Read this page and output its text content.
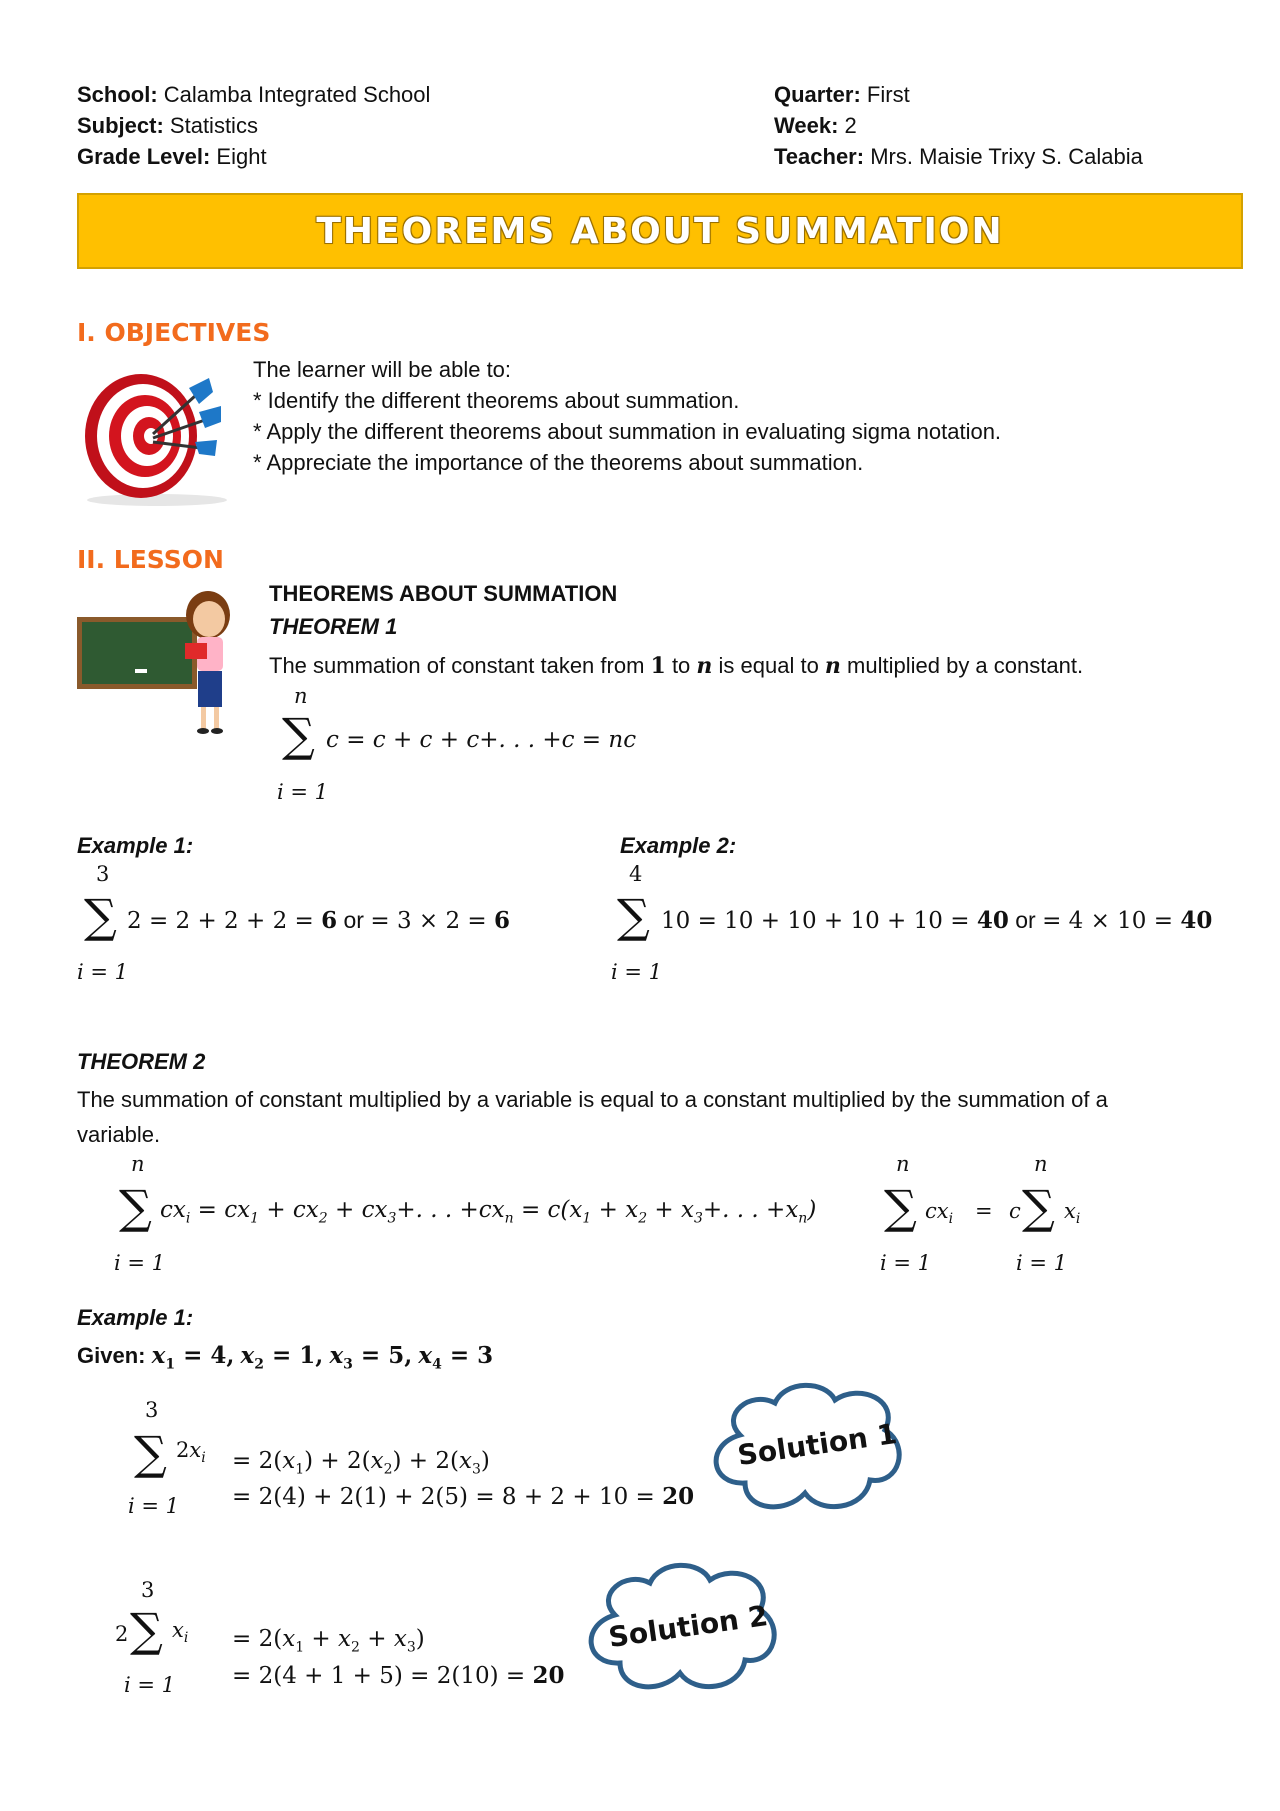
School: Calamba Integrated School
Subject: Statistics
Grade Level: Eight
Quarter: First
Week: 2
Teacher: Mrs. Maisie Trixy S. Calabia
THEOREMS ABOUT SUMMATION
I. OBJECTIVES
The learner will be able to:
* Identify the different theorems about summation.
* Apply the different theorems about summation in evaluating sigma notation.
* Appreciate the importance of the theorems about summation.
II. LESSON
THEOREMS ABOUT SUMMATION
THEOREM 1
The summation of constant taken from 1 to n is equal to n multiplied by a constant.
n
∑ c = c + c + c+. . . +c = nc
i = 1
Example 1:
3
∑ 2 = 2 + 2 + 2 = 6 or = 3 × 2 = 6
i = 1
Example 2:
4
∑ 10 = 10 + 10 + 10 + 10 = 40 or = 4 × 10 = 40
i = 1
THEOREM 2
The summation of constant multiplied by a variable is equal to a constant multiplied by the summation of a
variable.
n
∑ $cx_i = cx_1 + cx_2 + cx_3+$. . . $+cx_n = c(x_1 + x_2 + x_3+$. . . $+x_n$)
i = 1
n
∑ $cx_i = c$ ∑ $x_i$
n
i = 1	i = 1
Example 1:
Given: $x_1 = 4$, $x_2 = 1$, $x_3 = 5$, $x_4 = 3$
3
∑ $2x_i = 2(x_1) + 2(x_2) + 2(x_3)$
= 2(4) + 2(1) + 2(5) = 8 + 2 + 10 = 20
i = 1
Solution 1
3
2 ∑ $x_i = 2(x_1 + x_2 + x_3)$
= 2(4 + 1 + 5) = 2(10) = 20
i = 1
Solution 2
